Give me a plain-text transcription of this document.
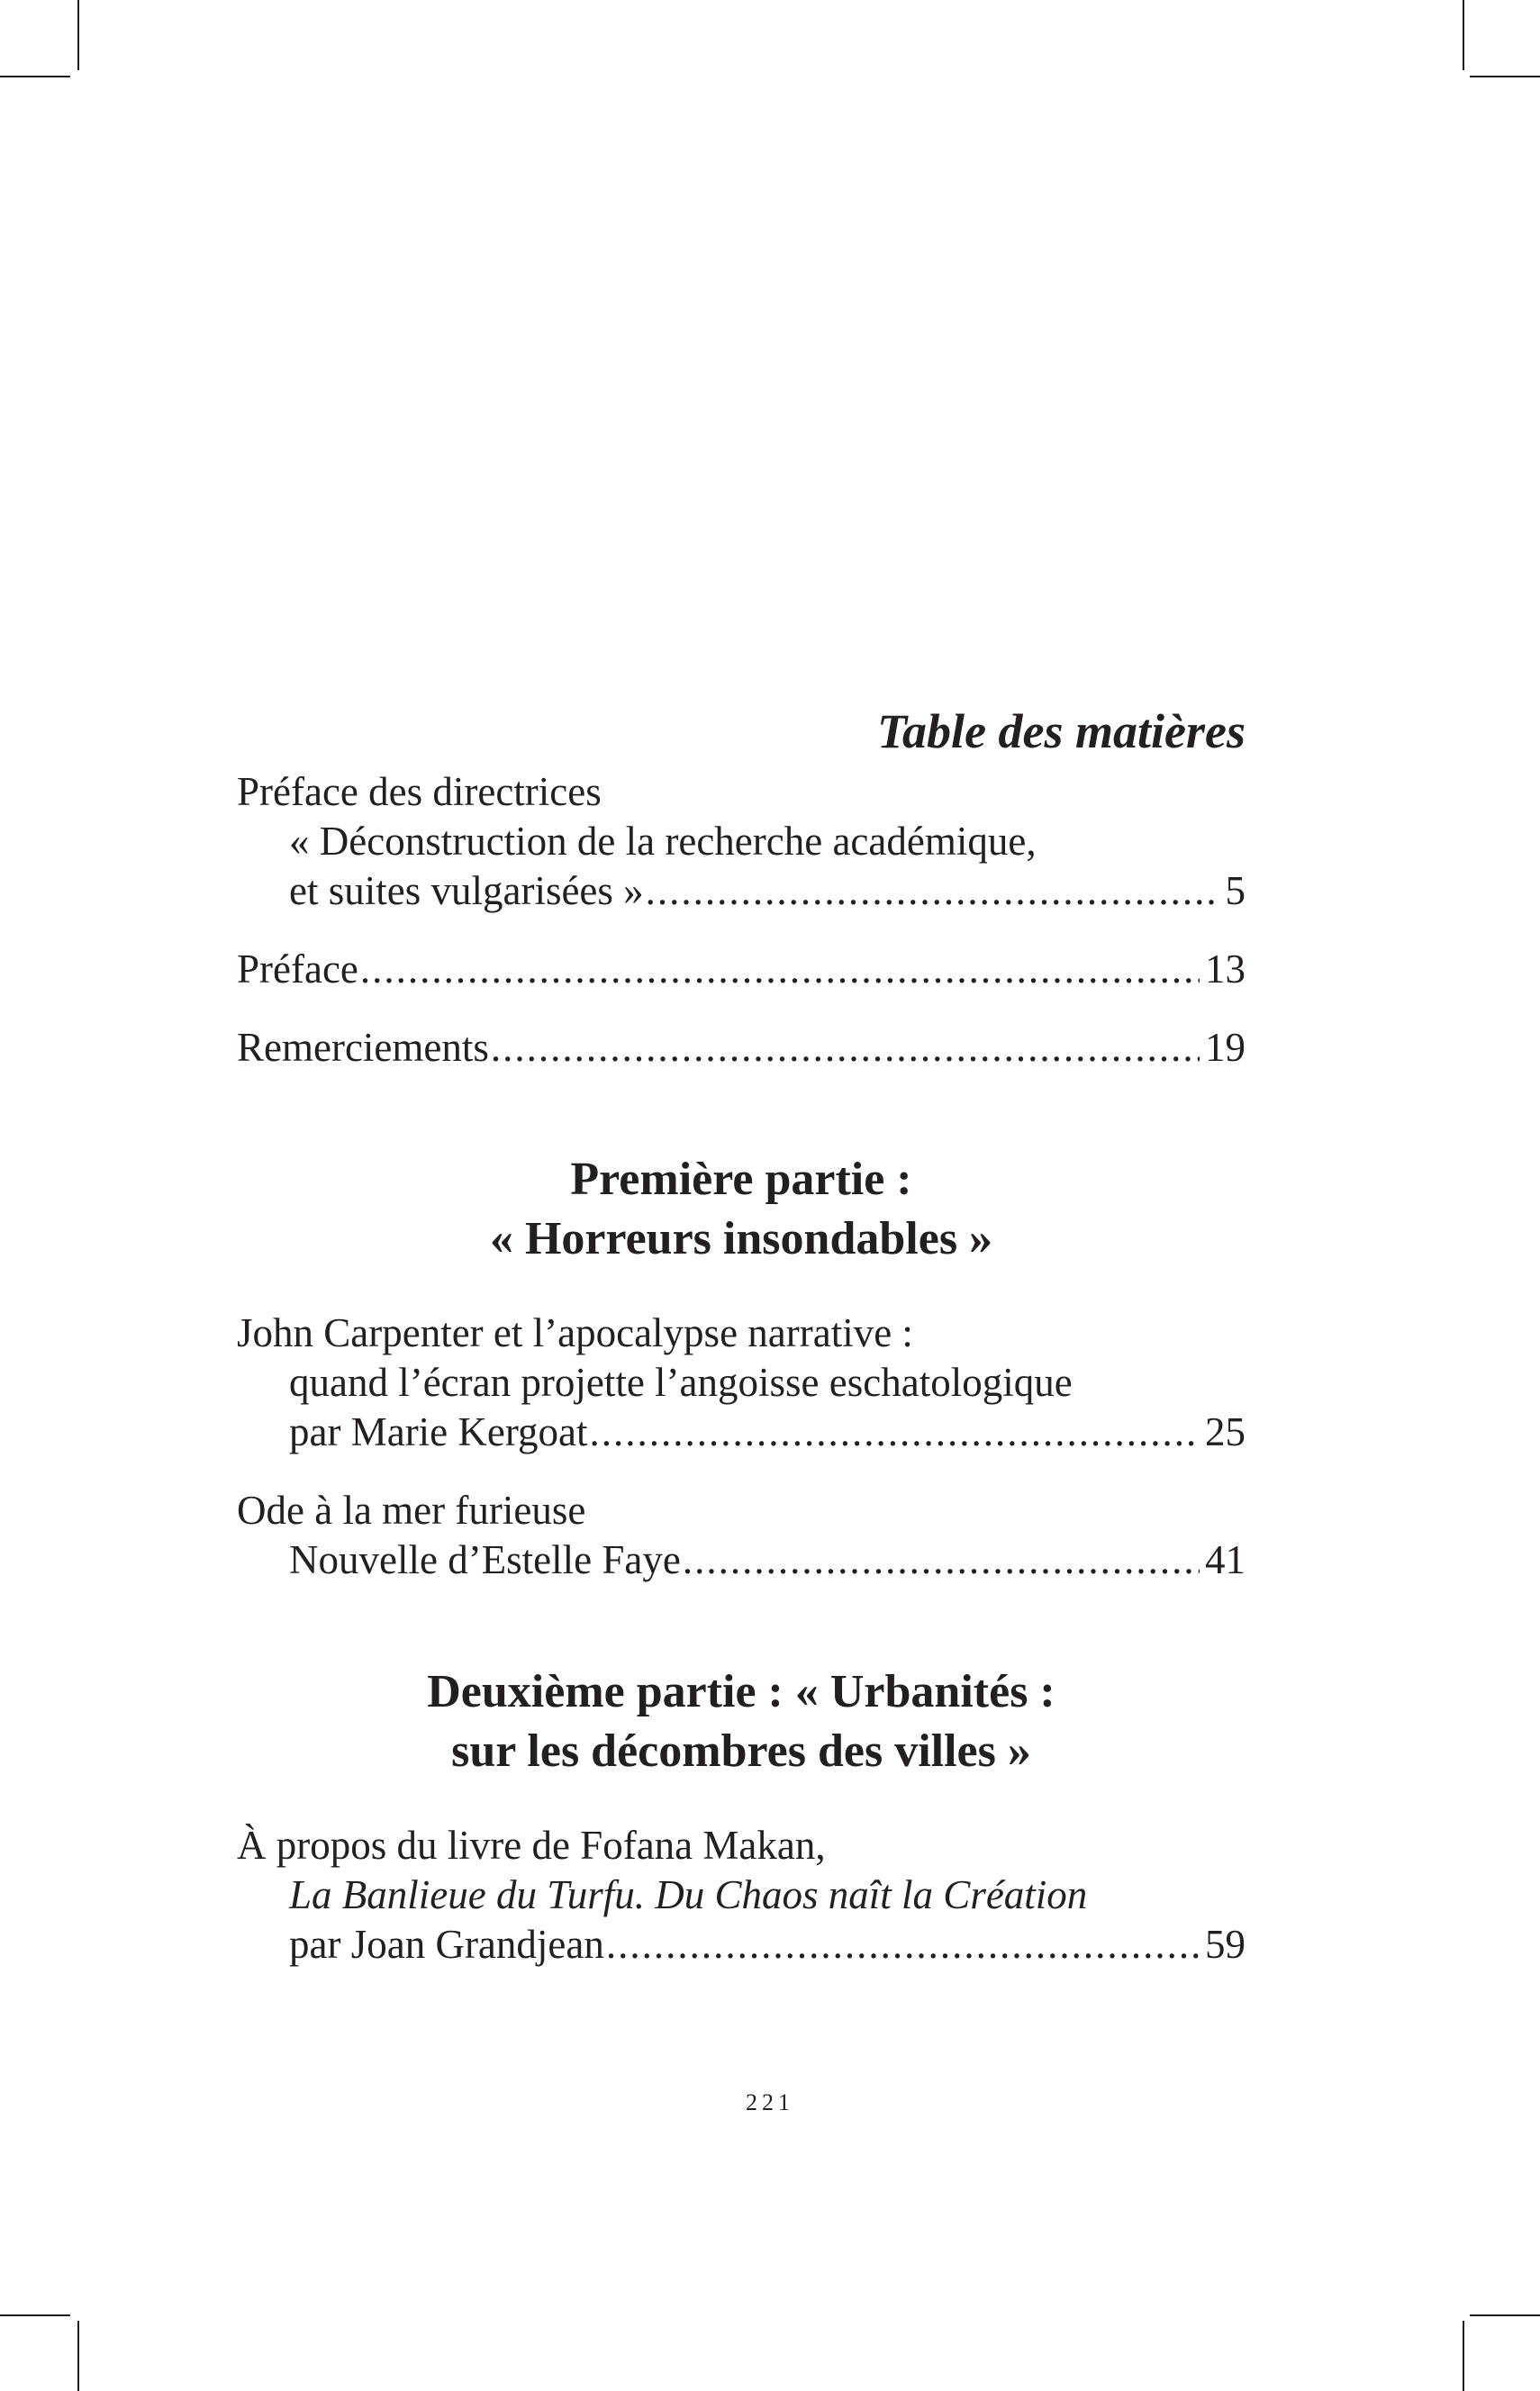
Table des matières
Préface des directrices
« Déconstruction de la recherche académique,
et suites vulgarisées » .....	5
Préface .....	13
Remerciements .....	19
Première partie :
« Horreurs insondables »
John Carpenter et l’apocalypse narrative :
quand l’écran projette l’angoisse eschatologique
par Marie Kergoat .....	25
Ode à la mer furieuse
Nouvelle d’Estelle Faye .....	41
Deuxième partie : « Urbanités :
sur les décombres des villes »
À propos du livre de Fofana Makan,
La Banlieue du Turfu. Du Chaos naît la Création
par Joan Grandjean .....	59
221
